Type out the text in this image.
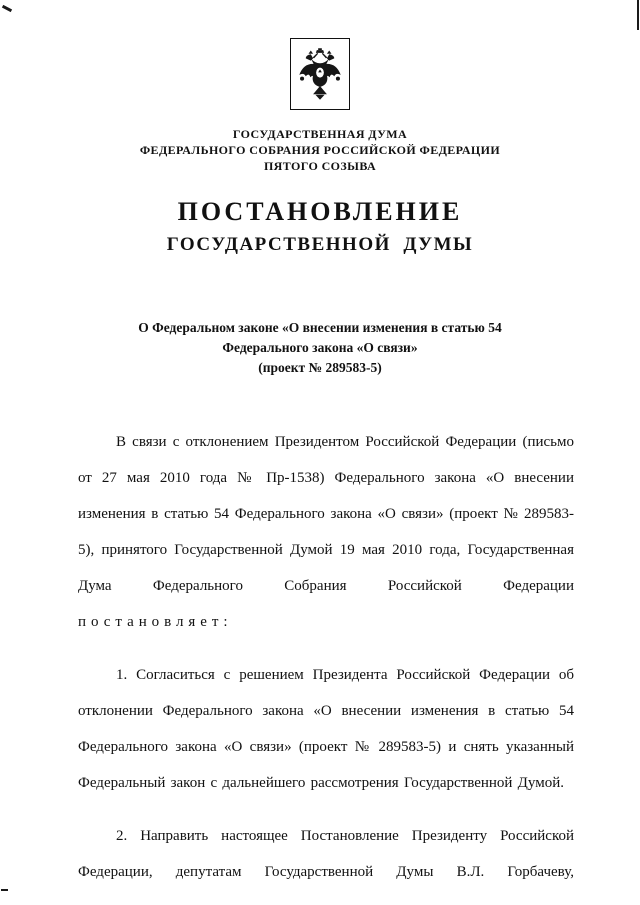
ГОСУДАРСТВЕННАЯ ДУМА
ФЕДЕРАЛЬНОГО СОБРАНИЯ РОССИЙСКОЙ ФЕДЕРАЦИИ
ПЯТОГО СОЗЫВА
ПОСТАНОВЛЕНИЕ
ГОСУДАРСТВЕННОЙ  ДУМЫ
О Федеральном законе «О внесении изменения в статью 54
Федерального закона «О связи»
(проект № 289583-5)

В связи с отклонением Президентом Российской Федерации (письмо от 27 мая 2010 года № Пр-1538) Федерального закона «О внесении изменения в статью 54 Федерального закона «О связи» (проект № 289583-5), принятого Государственной Думой 19 мая 2010 года, Государственная Дума Федерального Собрания Российской Федерации постановляет:

1. Согласиться с решением Президента Российской Федерации об отклонении Федерального закона «О внесении изменения в статью 54 Федерального закона «О связи» (проект № 289583-5) и снять указанный Федеральный закон с дальнейшего рассмотрения Государственной Думой.

2. Направить настоящее Постановление Президенту Российской Федерации, депутатам Государственной Думы В.Л. Горбачеву,
